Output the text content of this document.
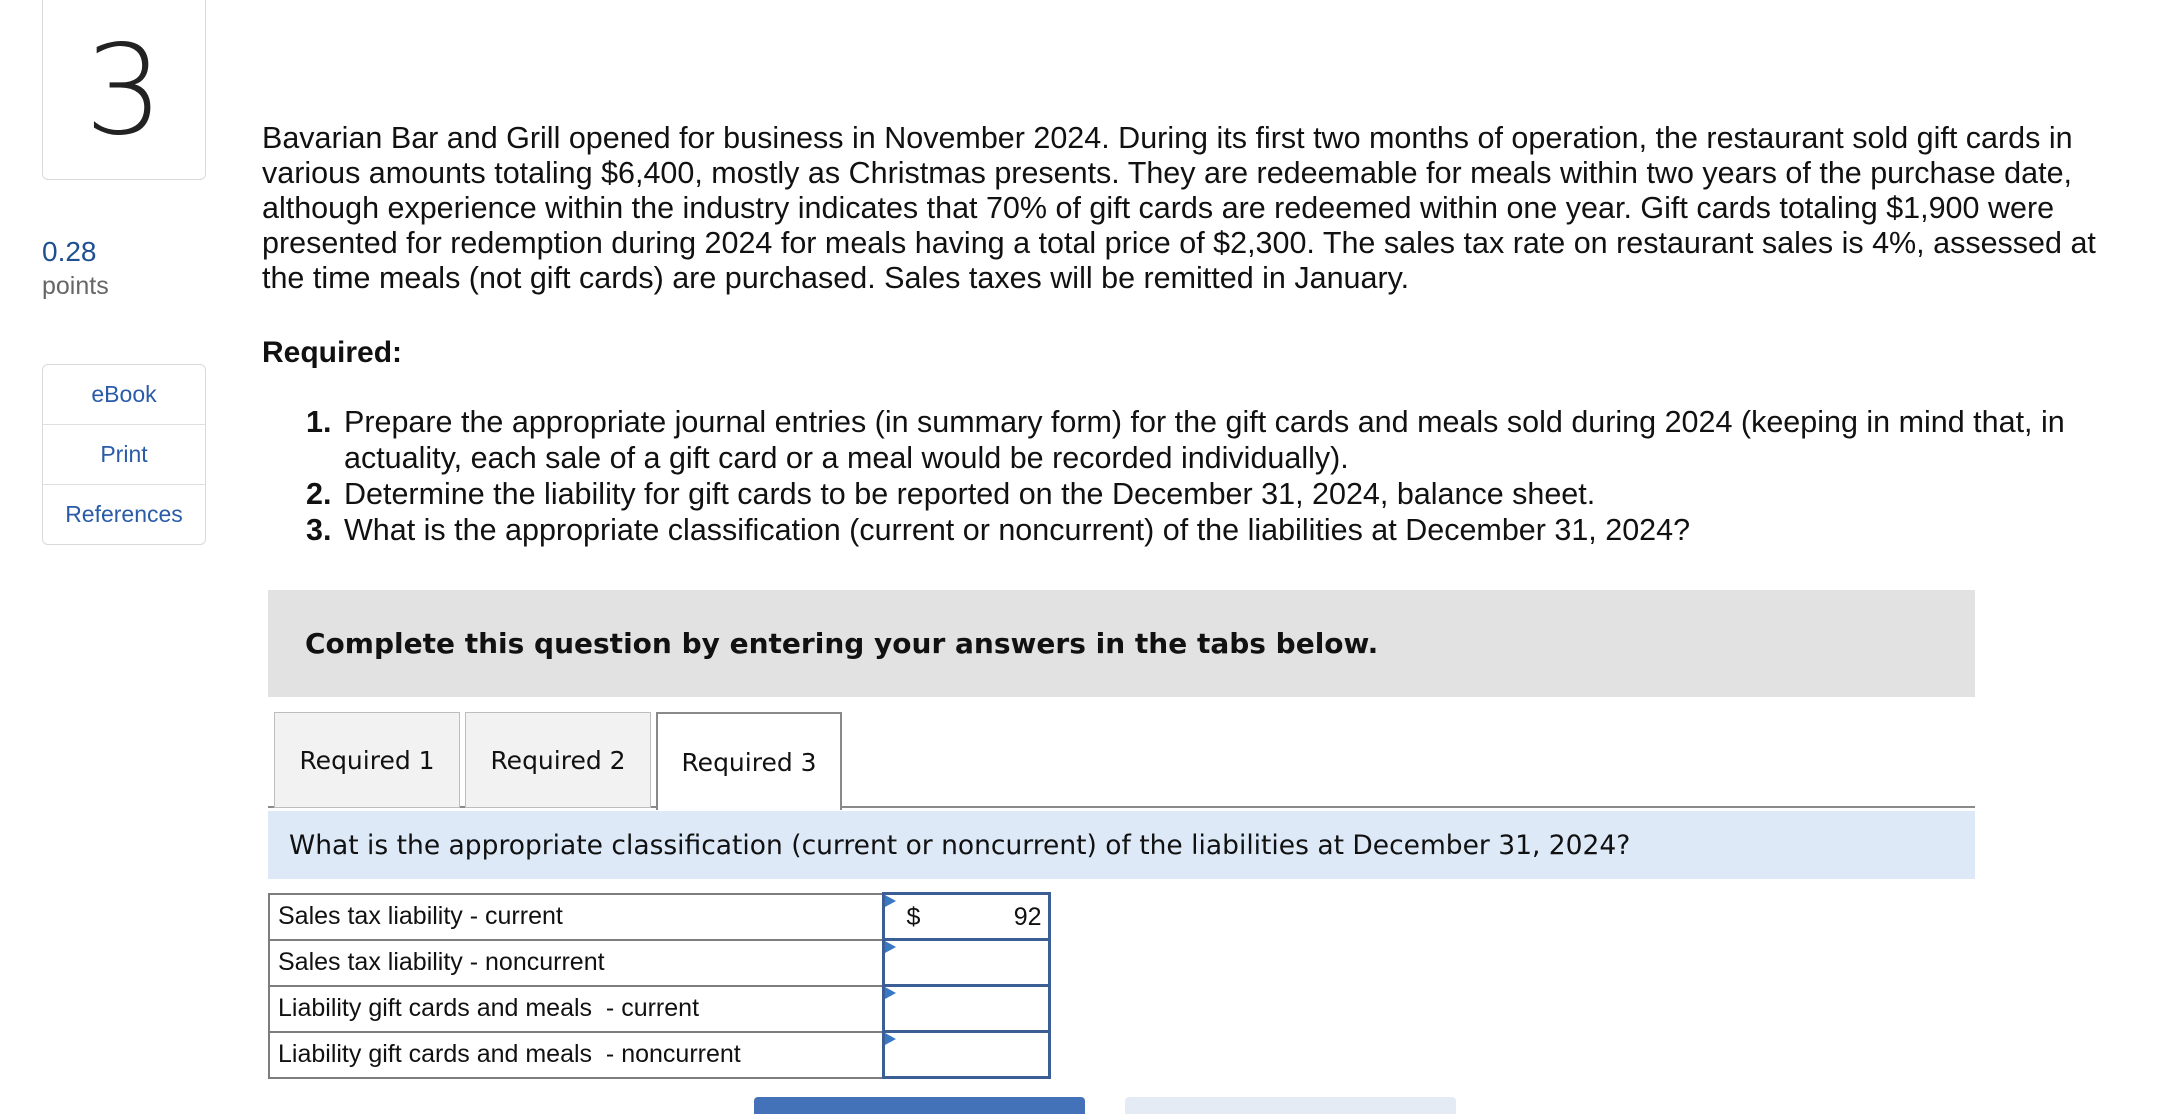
3
0.28
points
eBook
Print
References
Bavarian Bar and Grill opened for business in November 2024. During its first two months of operation, the restaurant sold gift cards in various amounts totaling $6,400, mostly as Christmas presents. They are redeemable for meals within two years of the purchase date, although experience within the industry indicates that 70% of gift cards are redeemed within one year. Gift cards totaling $1,900 were presented for redemption during 2024 for meals having a total price of $2,300. The sales tax rate on restaurant sales is 4%, assessed at the time meals (not gift cards) are purchased. Sales taxes will be remitted in January.
Required:
1. Prepare the appropriate journal entries (in summary form) for the gift cards and meals sold during 2024 (keeping in mind that, in actuality, each sale of a gift card or a meal would be recorded individually).
2. Determine the liability for gift cards to be reported on the December 31, 2024, balance sheet.
3. What is the appropriate classification (current or noncurrent) of the liabilities at December 31, 2024?
Complete this question by entering your answers in the tabs below.
Required 1	Required 2	Required 3
What is the appropriate classification (current or noncurrent) of the liabilities at December 31, 2024?
Sales tax liability - current	$ 92

Sales tax liability - noncurrent	

Liability gift cards and meals  - current	

Liability gift cards and meals  - noncurrent	
